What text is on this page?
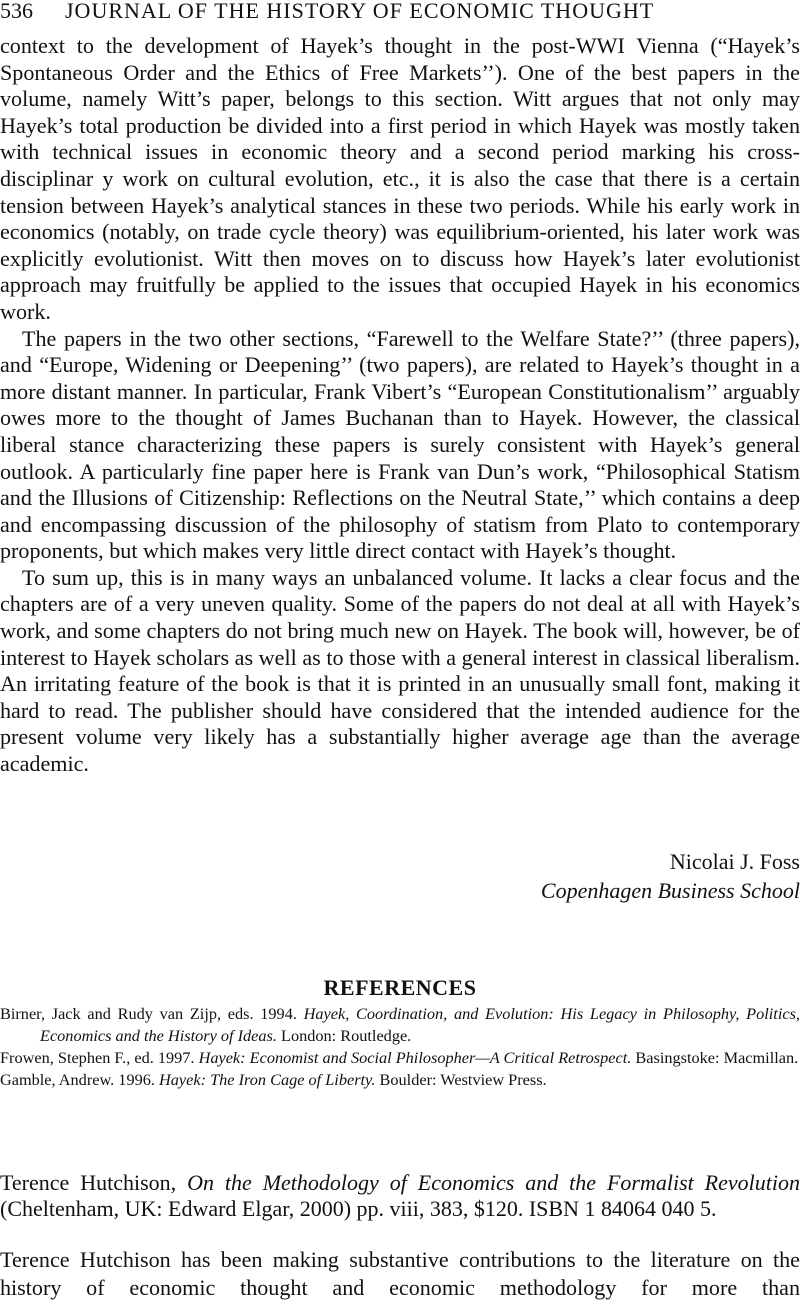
536 JOURNAL OF THE HISTORY OF ECONOMIC THOUGHT

context to the development of Hayek’s thought in the post-WWI Vienna (“Hayek’s Spontaneous Order and the Ethics of Free Markets’’). One of the best papers in the volume, namely Witt’s paper, belongs to this section. Witt argues that not only may Hayek’s total production be divided into a first period in which Hayek was mostly taken with technical issues in economic theory and a second period marking his cross-disciplinar y work on cultural evolution, etc., it is also the case that there is a certain tension between Hayek’s analytical stances in these two periods. While his early work in economics (notably, on trade cycle theory) was equilibrium-oriented, his later work was explicitly evolutionist. Witt then moves on to discuss how Hayek’s later evolutionist approach may fruitfully be applied to the issues that occupied Hayek in his economics work.

The papers in the two other sections, “Farewell to the Welfare State?’’ (three papers), and “Europe, Widening or Deepening’’ (two papers), are related to Hayek’s thought in a more distant manner. In particular, Frank Vibert’s “European Constitutionalism’’ arguably owes more to the thought of James Buchanan than to Hayek. However, the classical liberal stance characterizing these papers is surely consistent with Hayek’s general outlook. A particularly fine paper here is Frank van Dun’s work, “Philosophical Statism and the Illusions of Citizenship: Reflections on the Neutral State,’’ which contains a deep and encompassing discussion of the philosophy of statism from Plato to contemporary proponents, but which makes very little direct contact with Hayek’s thought.

To sum up, this is in many ways an unbalanced volume. It lacks a clear focus and the chapters are of a very uneven quality. Some of the papers do not deal at all with Hayek’s work, and some chapters do not bring much new on Hayek. The book will, however, be of interest to Hayek scholars as well as to those with a general interest in classical liberalism. An irritating feature of the book is that it is printed in an unusually small font, making it hard to read. The publisher should have considered that the intended audience for the present volume very likely has a substantially higher average age than the average academic.

Nicolai J. Foss
Copenhagen Business School
REFERENCES
Birner, Jack and Rudy van Zijp, eds. 1994. Hayek, Coordination, and Evolution: His Legacy in Philosophy, Politics, Economics and the History of Ideas. London: Routledge.
Frowen, Stephen F., ed. 1997. Hayek: Economist and Social Philosopher—A Critical Retrospect. Basingstoke: Macmillan.
Gamble, Andrew. 1996. Hayek: The Iron Cage of Liberty. Boulder: Westview Press.

Terence Hutchison, On the Methodology of Economics and the Formalist Revolution (Cheltenham, UK: Edward Elgar, 2000) pp. viii, 383, $120. ISBN 1 84064 040 5.

Terence Hutchison has been making substantive contributions to the literature on the history of economic thought and economic methodology for more than
